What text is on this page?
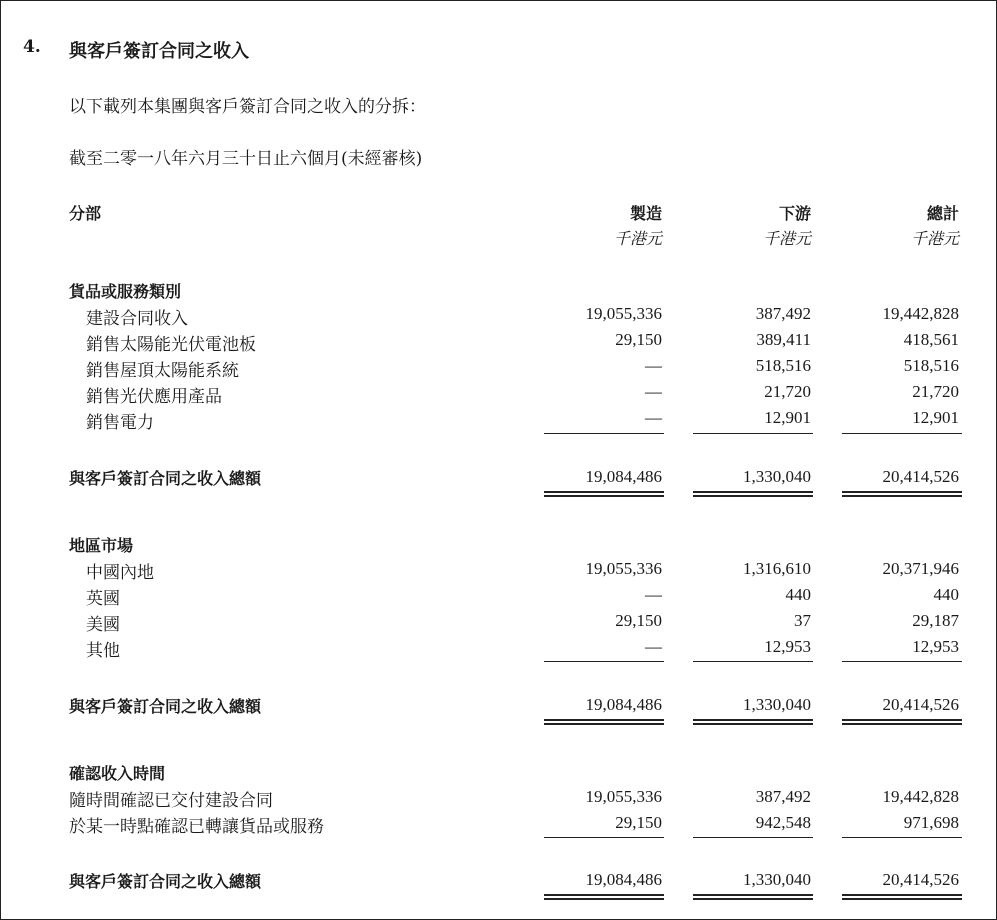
4. 與客戶簽訂合同之收入
以下載列本集團與客戶簽訂合同之收入的分拆：
截至二零一八年六月三十日止六個月(未經審核)
分部	製造	下游	總計
千港元	千港元	千港元
貨品或服務類別
建設合同收入	19,055,336	387,492	19,442,828
銷售太陽能光伏電池板	29,150	389,411	418,561
銷售屋頂太陽能系統	—	518,516	518,516
銷售光伏應用產品	—	21,720	21,720
銷售電力	—	12,901	12,901
與客戶簽訂合同之收入總額	19,084,486	1,330,040	20,414,526
地區市場
中國內地	19,055,336	1,316,610	20,371,946
英國	—	440	440
美國	29,150	37	29,187
其他	—	12,953	12,953
與客戶簽訂合同之收入總額	19,084,486	1,330,040	20,414,526
確認收入時間
隨時間確認已交付建設合同	19,055,336	387,492	19,442,828
於某一時點確認已轉讓貨品或服務	29,150	942,548	971,698
與客戶簽訂合同之收入總額	19,084,486	1,330,040	20,414,526
